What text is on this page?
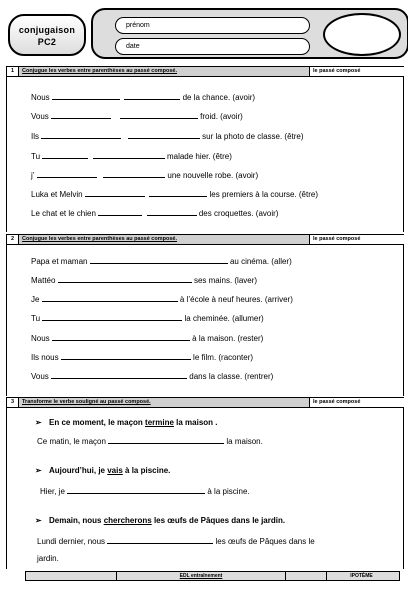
conjugaison
PC2
prénom
date
1	Conjugue les verbes entre parenthèses au passé composé.	le passé composé
Nous	de la chance. (avoir)
Vous	froid. (avoir)
Ils	sur la photo de classe. (être)
Tu	malade hier. (être)
j’	une nouvelle robe. (avoir)
Luka et Melvin	les premiers à la course. (être)
Le chat et le chien	des croquettes. (avoir)
2	Conjugue les verbes entre parenthèses au passé composé.	le passé composé
Papa et maman	au cinéma. (aller)
Mattéo	ses mains. (laver)
Je	à l’école à neuf heures. (arriver)
Tu	la cheminée. (allumer)
Nous	à la maison. (rester)
Ils nous	le film. (raconter)
Vous	dans la classe. (rentrer)
3	Transforme le verbe souligné au passé composé.	le passé composé
➢ En ce moment, le maçon termine la maison .
Ce matin, le maçon	la maison.
➢ Aujourd’hui, je vais à la piscine.
Hier, je	à la piscine.
➢ Demain, nous chercherons les œufs de Pâques dans le jardin.
Lundi dernier, nous	les œufs de Pâques dans le
jardin.
EDL entraînement	IPOTÈME
